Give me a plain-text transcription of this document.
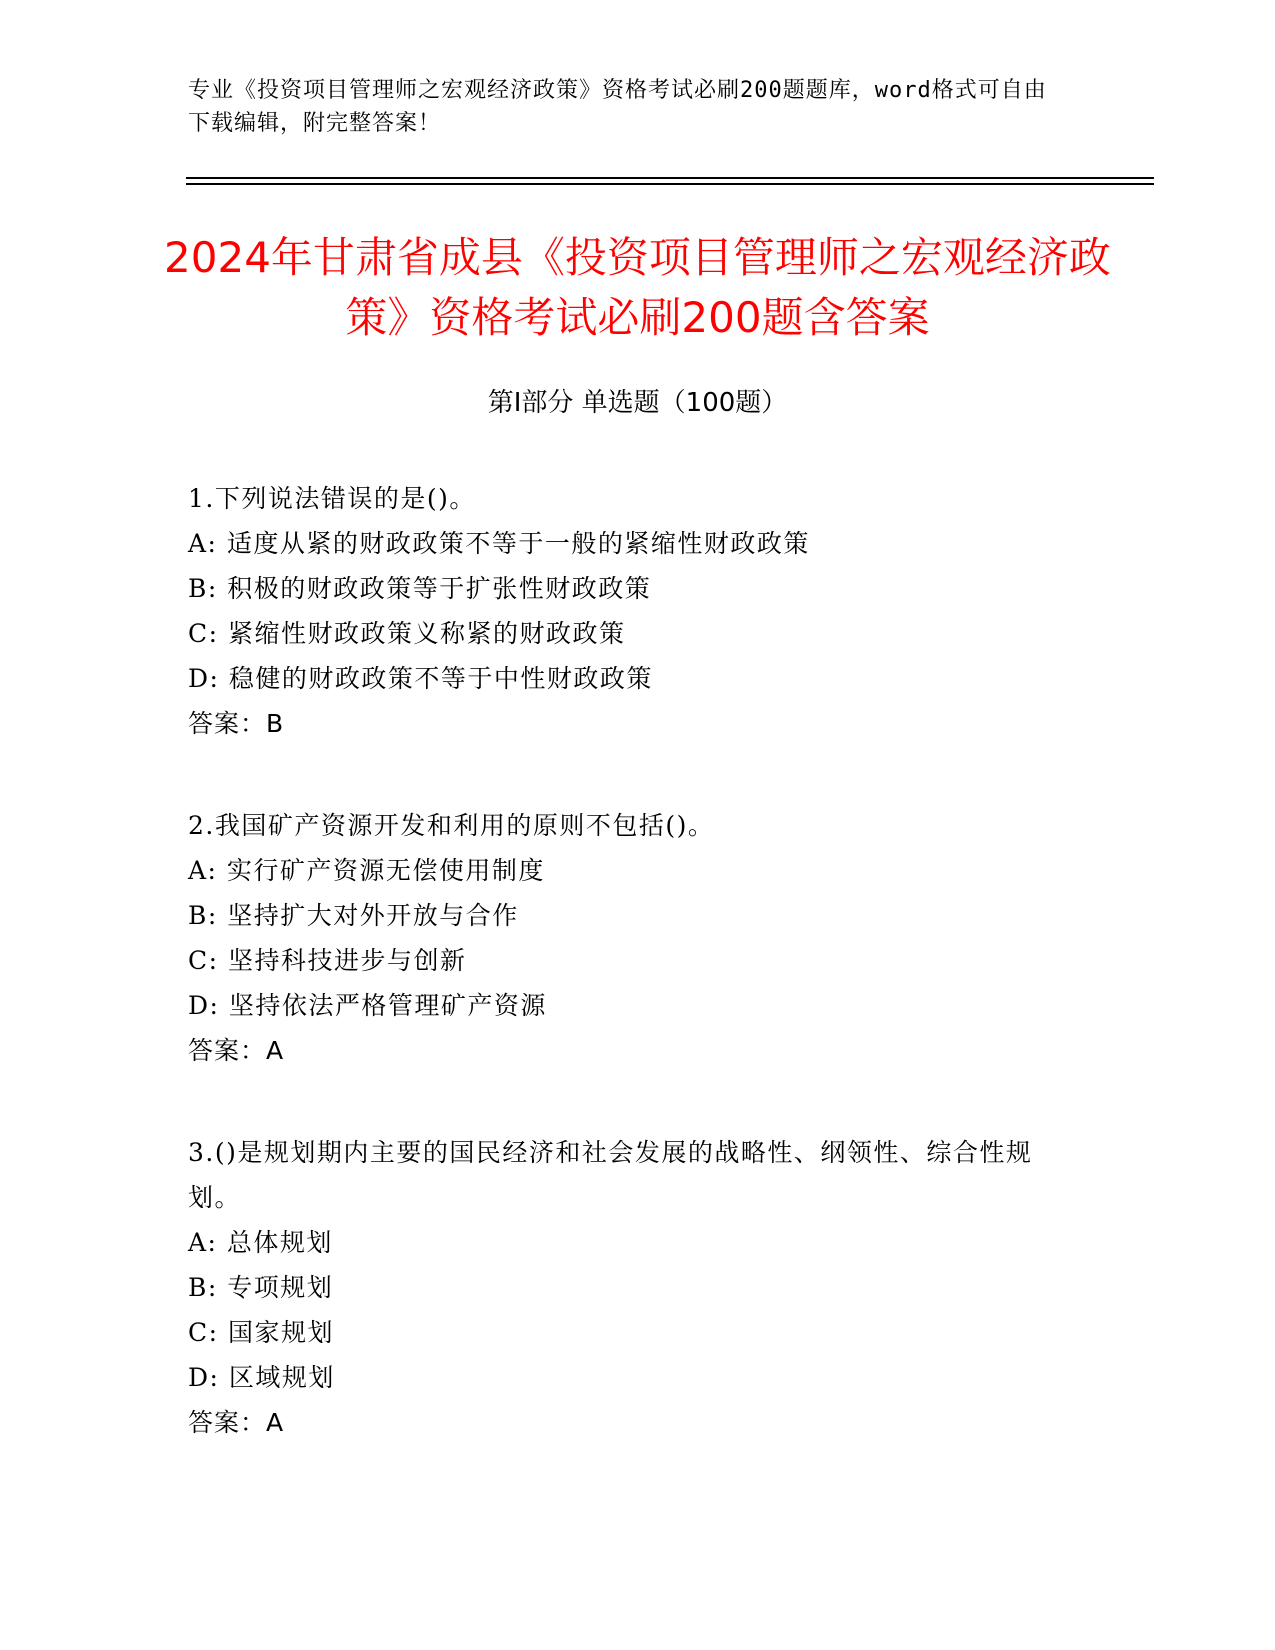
专业《投资项目管理师之宏观经济政策》资格考试必刷200题题库，word格式可自由下载编辑，附完整答案！
2024年甘肃省成县《投资项目管理师之宏观经济政策》资格考试必刷200题含答案
第I部分 单选题（100题）
1.下列说法错误的是()。
A: 适度从紧的财政政策不等于一般的紧缩性财政政策
B: 积极的财政政策等于扩张性财政政策
C: 紧缩性财政政策义称紧的财政政策
D: 稳健的财政政策不等于中性财政政策
答案：B
2.我国矿产资源开发和利用的原则不包括()。
A: 实行矿产资源无偿使用制度
B: 坚持扩大对外开放与合作
C: 坚持科技进步与创新
D: 坚持依法严格管理矿产资源
答案：A
3.()是规划期内主要的国民经济和社会发展的战略性、纲领性、综合性规划。
A: 总体规划
B: 专项规划
C: 国家规划
D: 区域规划
答案：A
